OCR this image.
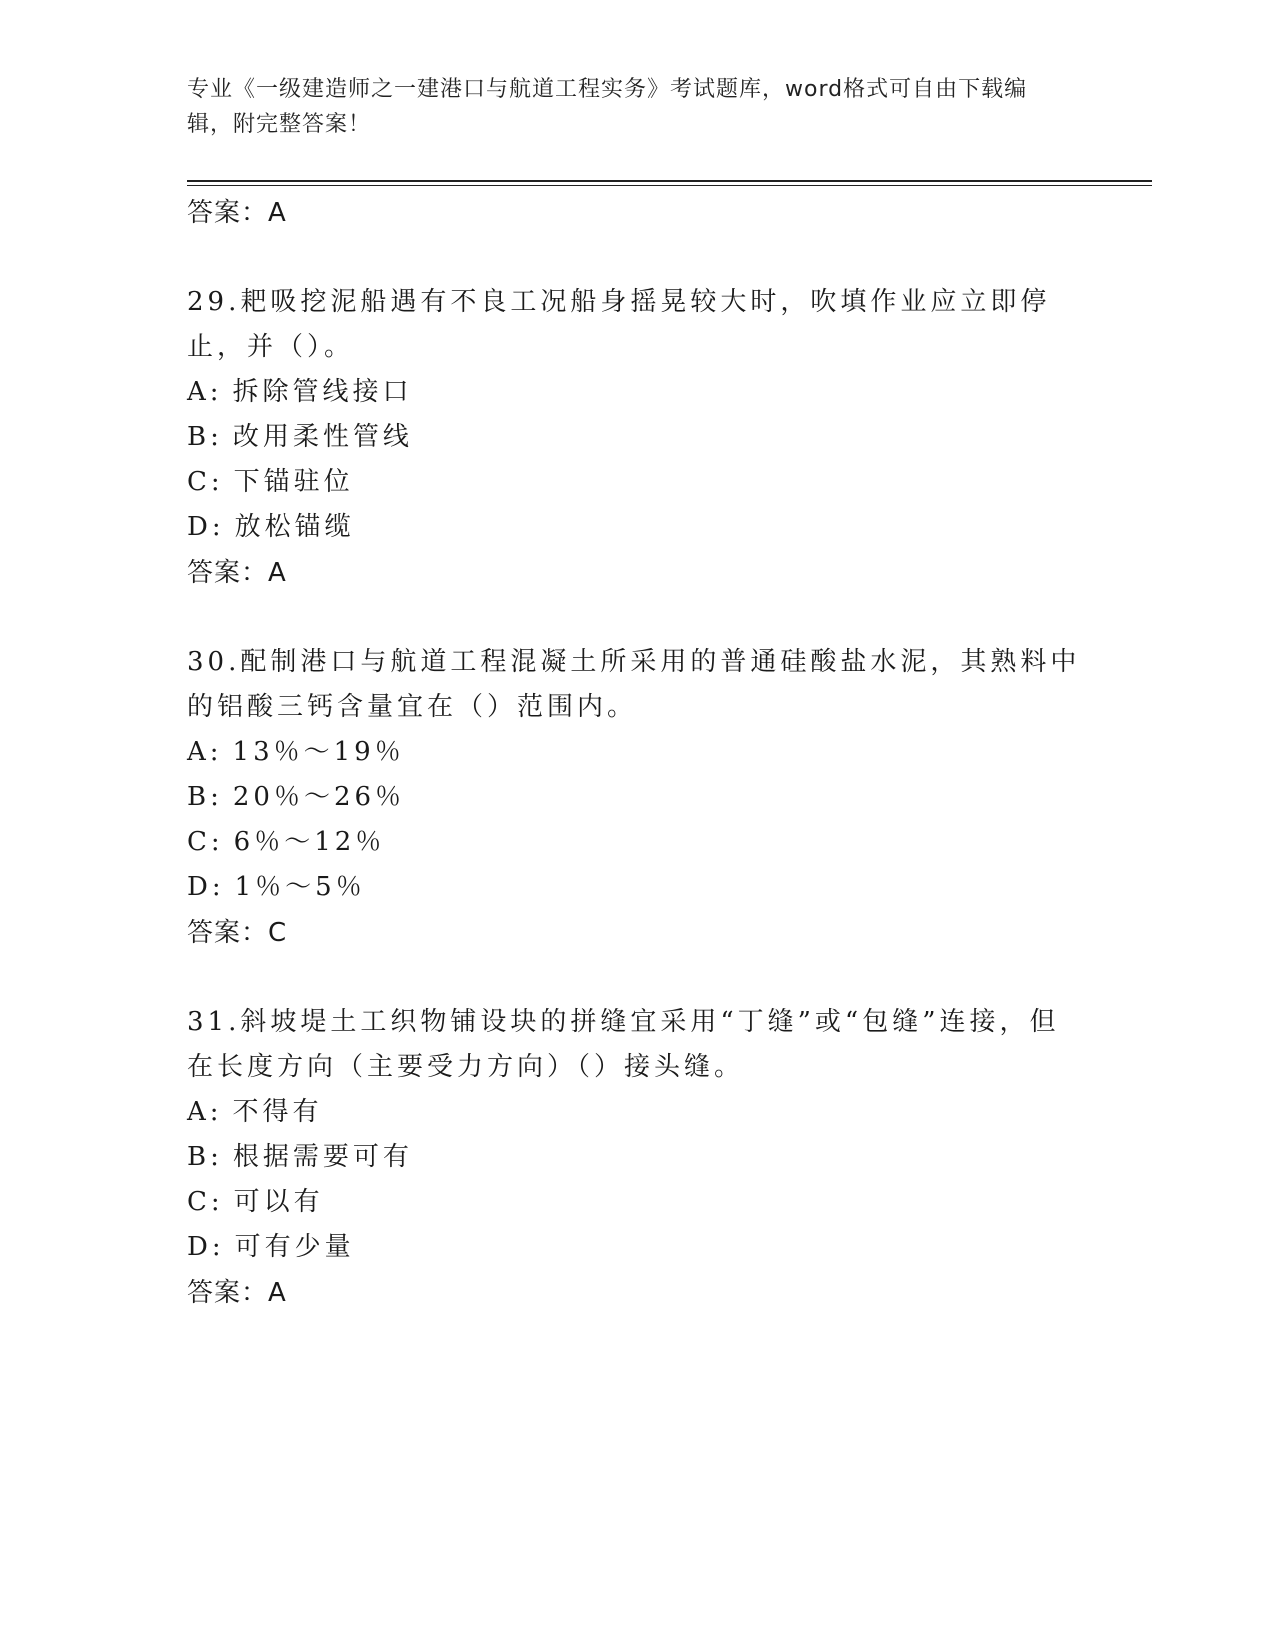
专业《一级建造师之一建港口与航道工程实务》考试题库，word格式可自由下载编辑，附完整答案！
答案：A

29.耙吸挖泥船遇有不良工况船身摇晃较大时，吹填作业应立即停止，并（）。

A: 拆除管线接口
B: 改用柔性管线
C: 下锚驻位
D: 放松锚缆
答案：A

30.配制港口与航道工程混凝土所采用的普通硅酸盐水泥，其熟料中的铝酸三钙含量宜在（）范围内。

A: 13％～19％
B: 20％～26％
C: 6％～12％
D: 1％～5％
答案：C

31.斜坡堤土工织物铺设块的拼缝宜采用“丁缝”或“包缝”连接，但在长度方向（主要受力方向）（）接头缝。

A: 不得有
B: 根据需要可有
C: 可以有
D: 可有少量
答案：A
